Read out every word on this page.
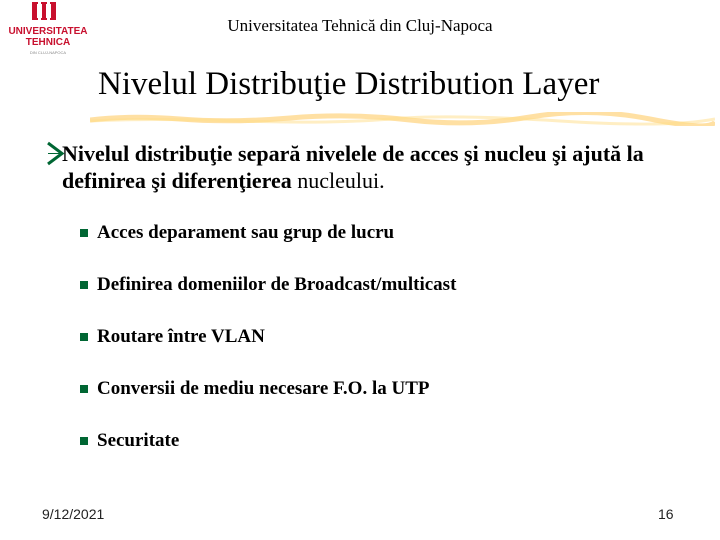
UNIVERSITATEA
TEHNICA
DIN CLUJ-NAPOCA
Universitatea Tehnică din Cluj-Napoca
Nivelul Distribuţie Distribution Layer
Nivelul distribuţie separă nivelele de acces şi nucleu şi ajută la definirea şi diferenţierea nucleului.
Acces deparament sau grup de lucru
Definirea domeniilor de Broadcast/multicast
Routare între VLAN
Conversii de mediu necesare F.O. la UTP
Securitate
9/12/2021	16
